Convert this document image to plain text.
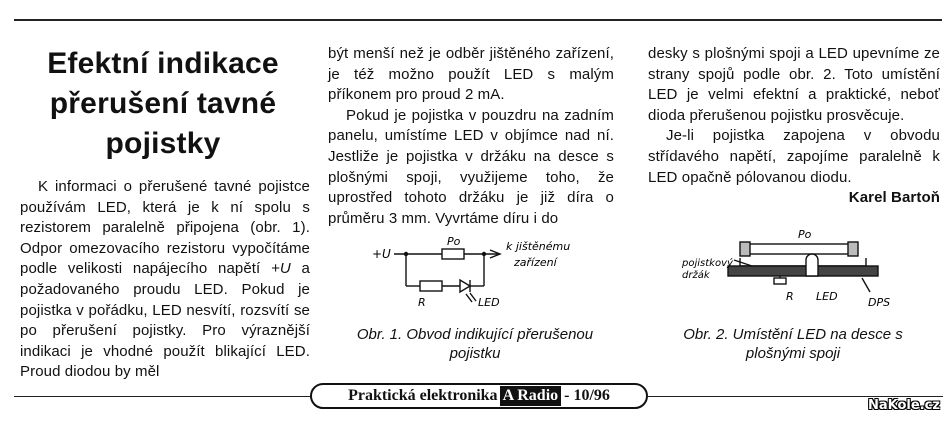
Efektní indikace
přerušení tavné
pojistky

K informaci o přerušené tavné pojistce používám LED, která je k ní spolu s rezistorem paralelně připojena (obr. 1). Odpor omezovacího rezistoru vypočítáme podle velikosti napájecího napětí +U a požadovaného proudu LED. Pokud je pojistka v pořádku, LED nesvítí, rozsvítí se po přerušení pojistky. Pro výraznější indikaci je vhodné použít blikající LED. Proud diodou by měl

být menší než je odběr jištěného zařízení, je též možno použít LED s malým příkonem pro proud 2 mA.

Pokud je pojistka v pouzdru na zadním panelu, umístíme LED v objímce nad ní. Jestliže je pojistka v držáku na desce s plošnými spoji, využijeme toho, že uprostřed tohoto držáku je již díra o průměru 3 mm. Vyvrtáme díru i do

desky s plošnými spoji a LED upevníme ze strany spojů podle obr. 2. Toto umístění LED je velmi efektní a praktické, neboť dioda přerušenou pojistku prosvěcuje.

Je-li pojistka zapojena v obvodu střídavého napětí, zapojíme paralelně k LED opačně pólovanou diodu.

Karel Bartoň

+U
Po	k jištěnému
zařízení
R	LED
Obr. 1. Obvod indikující přerušenou
pojistku
Po
pojistkový
držák
R LED	DPS
Obr. 2. Umístění LED na desce s
plošnými spoji
Praktická elektronika A Radio - 10/96
NaKole.cz
